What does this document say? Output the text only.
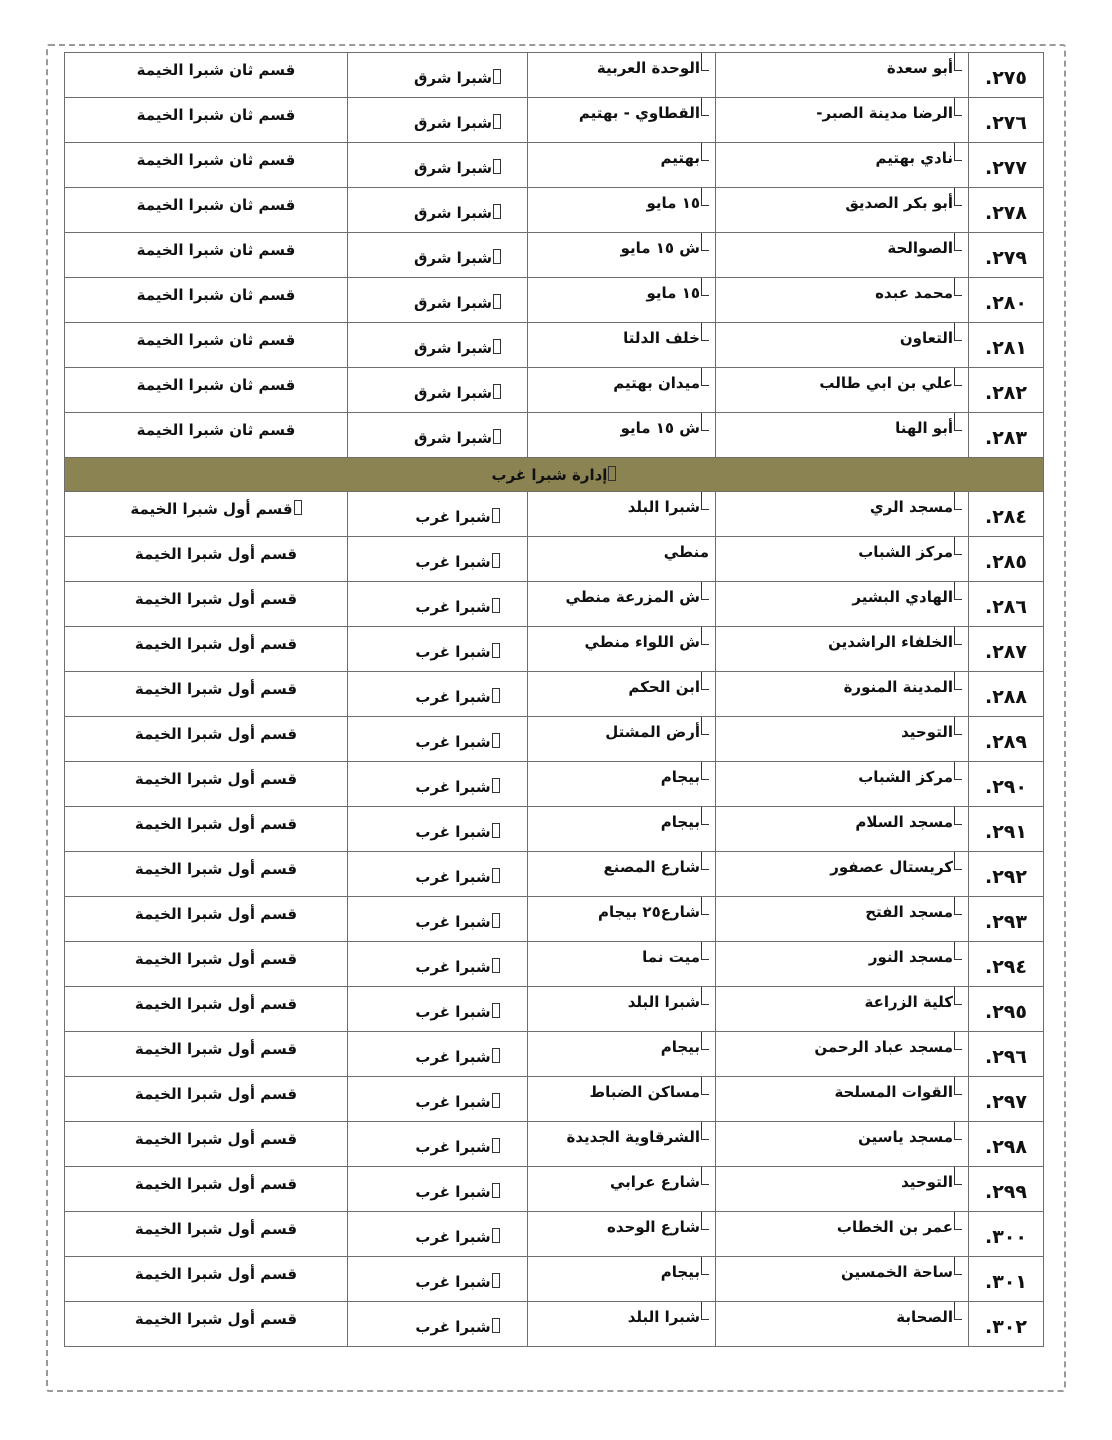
٢٧٥.	أبو سعدة	الوحدة العربية	شبرا شرق	قسم ثان شبرا الخيمة
٢٧٦.	الرضا مدينة الصبر-	القطاوي - بهتيم	شبرا شرق	قسم ثان شبرا الخيمة
٢٧٧.	نادي بهتيم	بهتيم	شبرا شرق	قسم ثان شبرا الخيمة
٢٧٨.	أبو بكر الصديق	١٥ مايو	شبرا شرق	قسم ثان شبرا الخيمة
٢٧٩.	الصوالحة	ش ١٥ مايو	شبرا شرق	قسم ثان شبرا الخيمة
٢٨٠.	محمد عبده	١٥ مايو	شبرا شرق	قسم ثان شبرا الخيمة
٢٨١.	التعاون	خلف الدلتا	شبرا شرق	قسم ثان شبرا الخيمة
٢٨٢.	علي بن ابي طالب	ميدان بهتيم	شبرا شرق	قسم ثان شبرا الخيمة
٢٨٣.	أبو الهنا	ش ١٥ مايو	شبرا شرق	قسم ثان شبرا الخيمة
إدارة شبرا غرب				
٢٨٤.	مسجد الري	شبرا البلد	شبرا غرب	قسم أول شبرا الخيمة
٢٨٥.	مركز الشباب	منطي	شبرا غرب	قسم أول شبرا الخيمة
٢٨٦.	الهادي البشير	ش المزرعة منطي	شبرا غرب	قسم أول شبرا الخيمة
٢٨٧.	الخلفاء الراشدين	ش اللواء منطي	شبرا غرب	قسم أول شبرا الخيمة
٢٨٨.	المدينة المنورة	ابن الحكم	شبرا غرب	قسم أول شبرا الخيمة
٢٨٩.	التوحيد	أرض المشتل	شبرا غرب	قسم أول شبرا الخيمة
٢٩٠.	مركز الشباب	بيجام	شبرا غرب	قسم أول شبرا الخيمة
٢٩١.	مسجد السلام	بيجام	شبرا غرب	قسم أول شبرا الخيمة
٢٩٢.	كريستال عصفور	شارع المصنع	شبرا غرب	قسم أول شبرا الخيمة
٢٩٣.	مسجد الفتح	شارع٢٥ بيجام	شبرا غرب	قسم أول شبرا الخيمة
٢٩٤.	مسجد النور	ميت نما	شبرا غرب	قسم أول شبرا الخيمة
٢٩٥.	كلية الزراعة	شبرا البلد	شبرا غرب	قسم أول شبرا الخيمة
٢٩٦.	مسجد عباد الرحمن	بيجام	شبرا غرب	قسم أول شبرا الخيمة
٢٩٧.	القوات المسلحة	مساكن الضباط	شبرا غرب	قسم أول شبرا الخيمة
٢٩٨.	مسجد ياسين	الشرقاوية الجديدة	شبرا غرب	قسم أول شبرا الخيمة
٢٩٩.	التوحيد	شارع عرابي	شبرا غرب	قسم أول شبرا الخيمة
٣٠٠.	عمر بن الخطاب	شارع الوحده	شبرا غرب	قسم أول شبرا الخيمة
٣٠١.	ساحة الخمسين	بيجام	شبرا غرب	قسم أول شبرا الخيمة
٣٠٢.	الصحابة	شبرا البلد	شبرا غرب	قسم أول شبرا الخيمة
